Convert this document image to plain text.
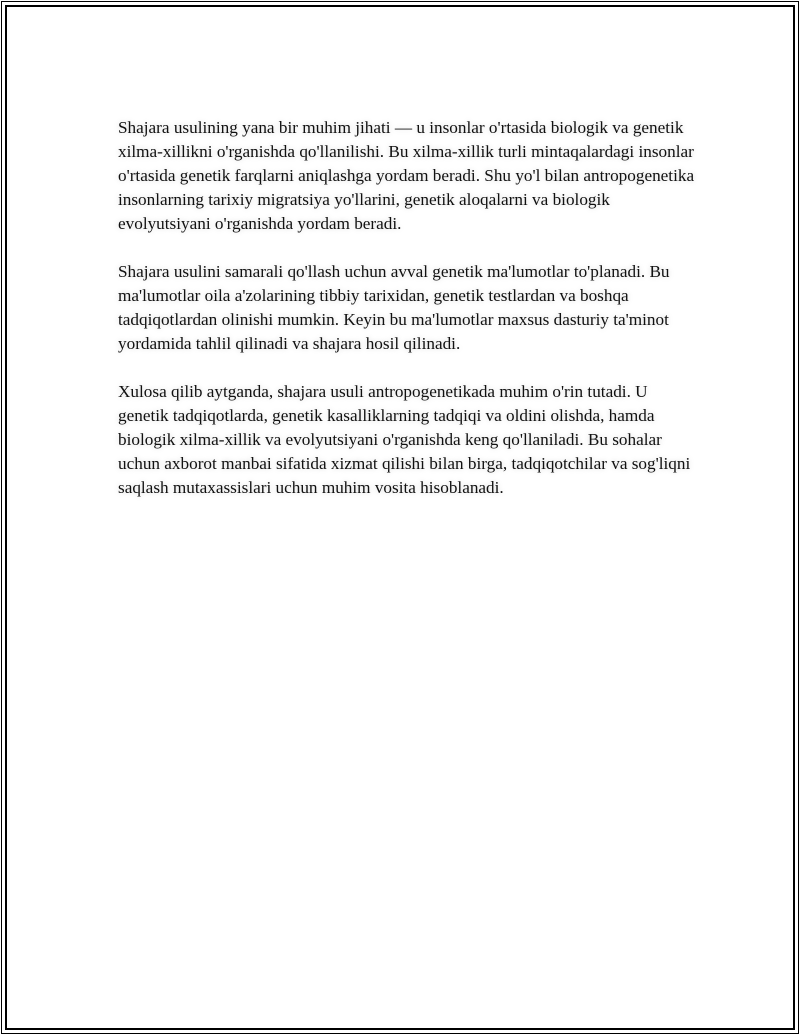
Shajara usulining yana bir muhim jihati — u insonlar o'rtasida biologik va genetik xilma-xillikni o'rganishda qo'llanilishi. Bu xilma-xillik turli mintaqalardagi insonlar o'rtasida genetik farqlarni aniqlashga yordam beradi. Shu yo'l bilan antropogenetika insonlarning tarixiy migratsiya yo'llarini, genetik aloqalarni va biologik evolyutsiyani o'rganishda yordam beradi.

Shajara usulini samarali qo'llash uchun avval genetik ma'lumotlar to'planadi. Bu ma'lumotlar oila a'zolarining tibbiy tarixidan, genetik testlardan va boshqa tadqiqotlardan olinishi mumkin. Keyin bu ma'lumotlar maxsus dasturiy ta'minot yordamida tahlil qilinadi va shajara hosil qilinadi.

Xulosa qilib aytganda, shajara usuli antropogenetikada muhim o'rin tutadi. U genetik tadqiqotlarda, genetik kasalliklarning tadqiqi va oldini olishda, hamda biologik xilma-xillik va evolyutsiyani o'rganishda keng qo'llaniladi. Bu sohalar uchun axborot manbai sifatida xizmat qilishi bilan birga, tadqiqotchilar va sog'liqni saqlash mutaxassislari uchun muhim vosita hisoblanadi.
